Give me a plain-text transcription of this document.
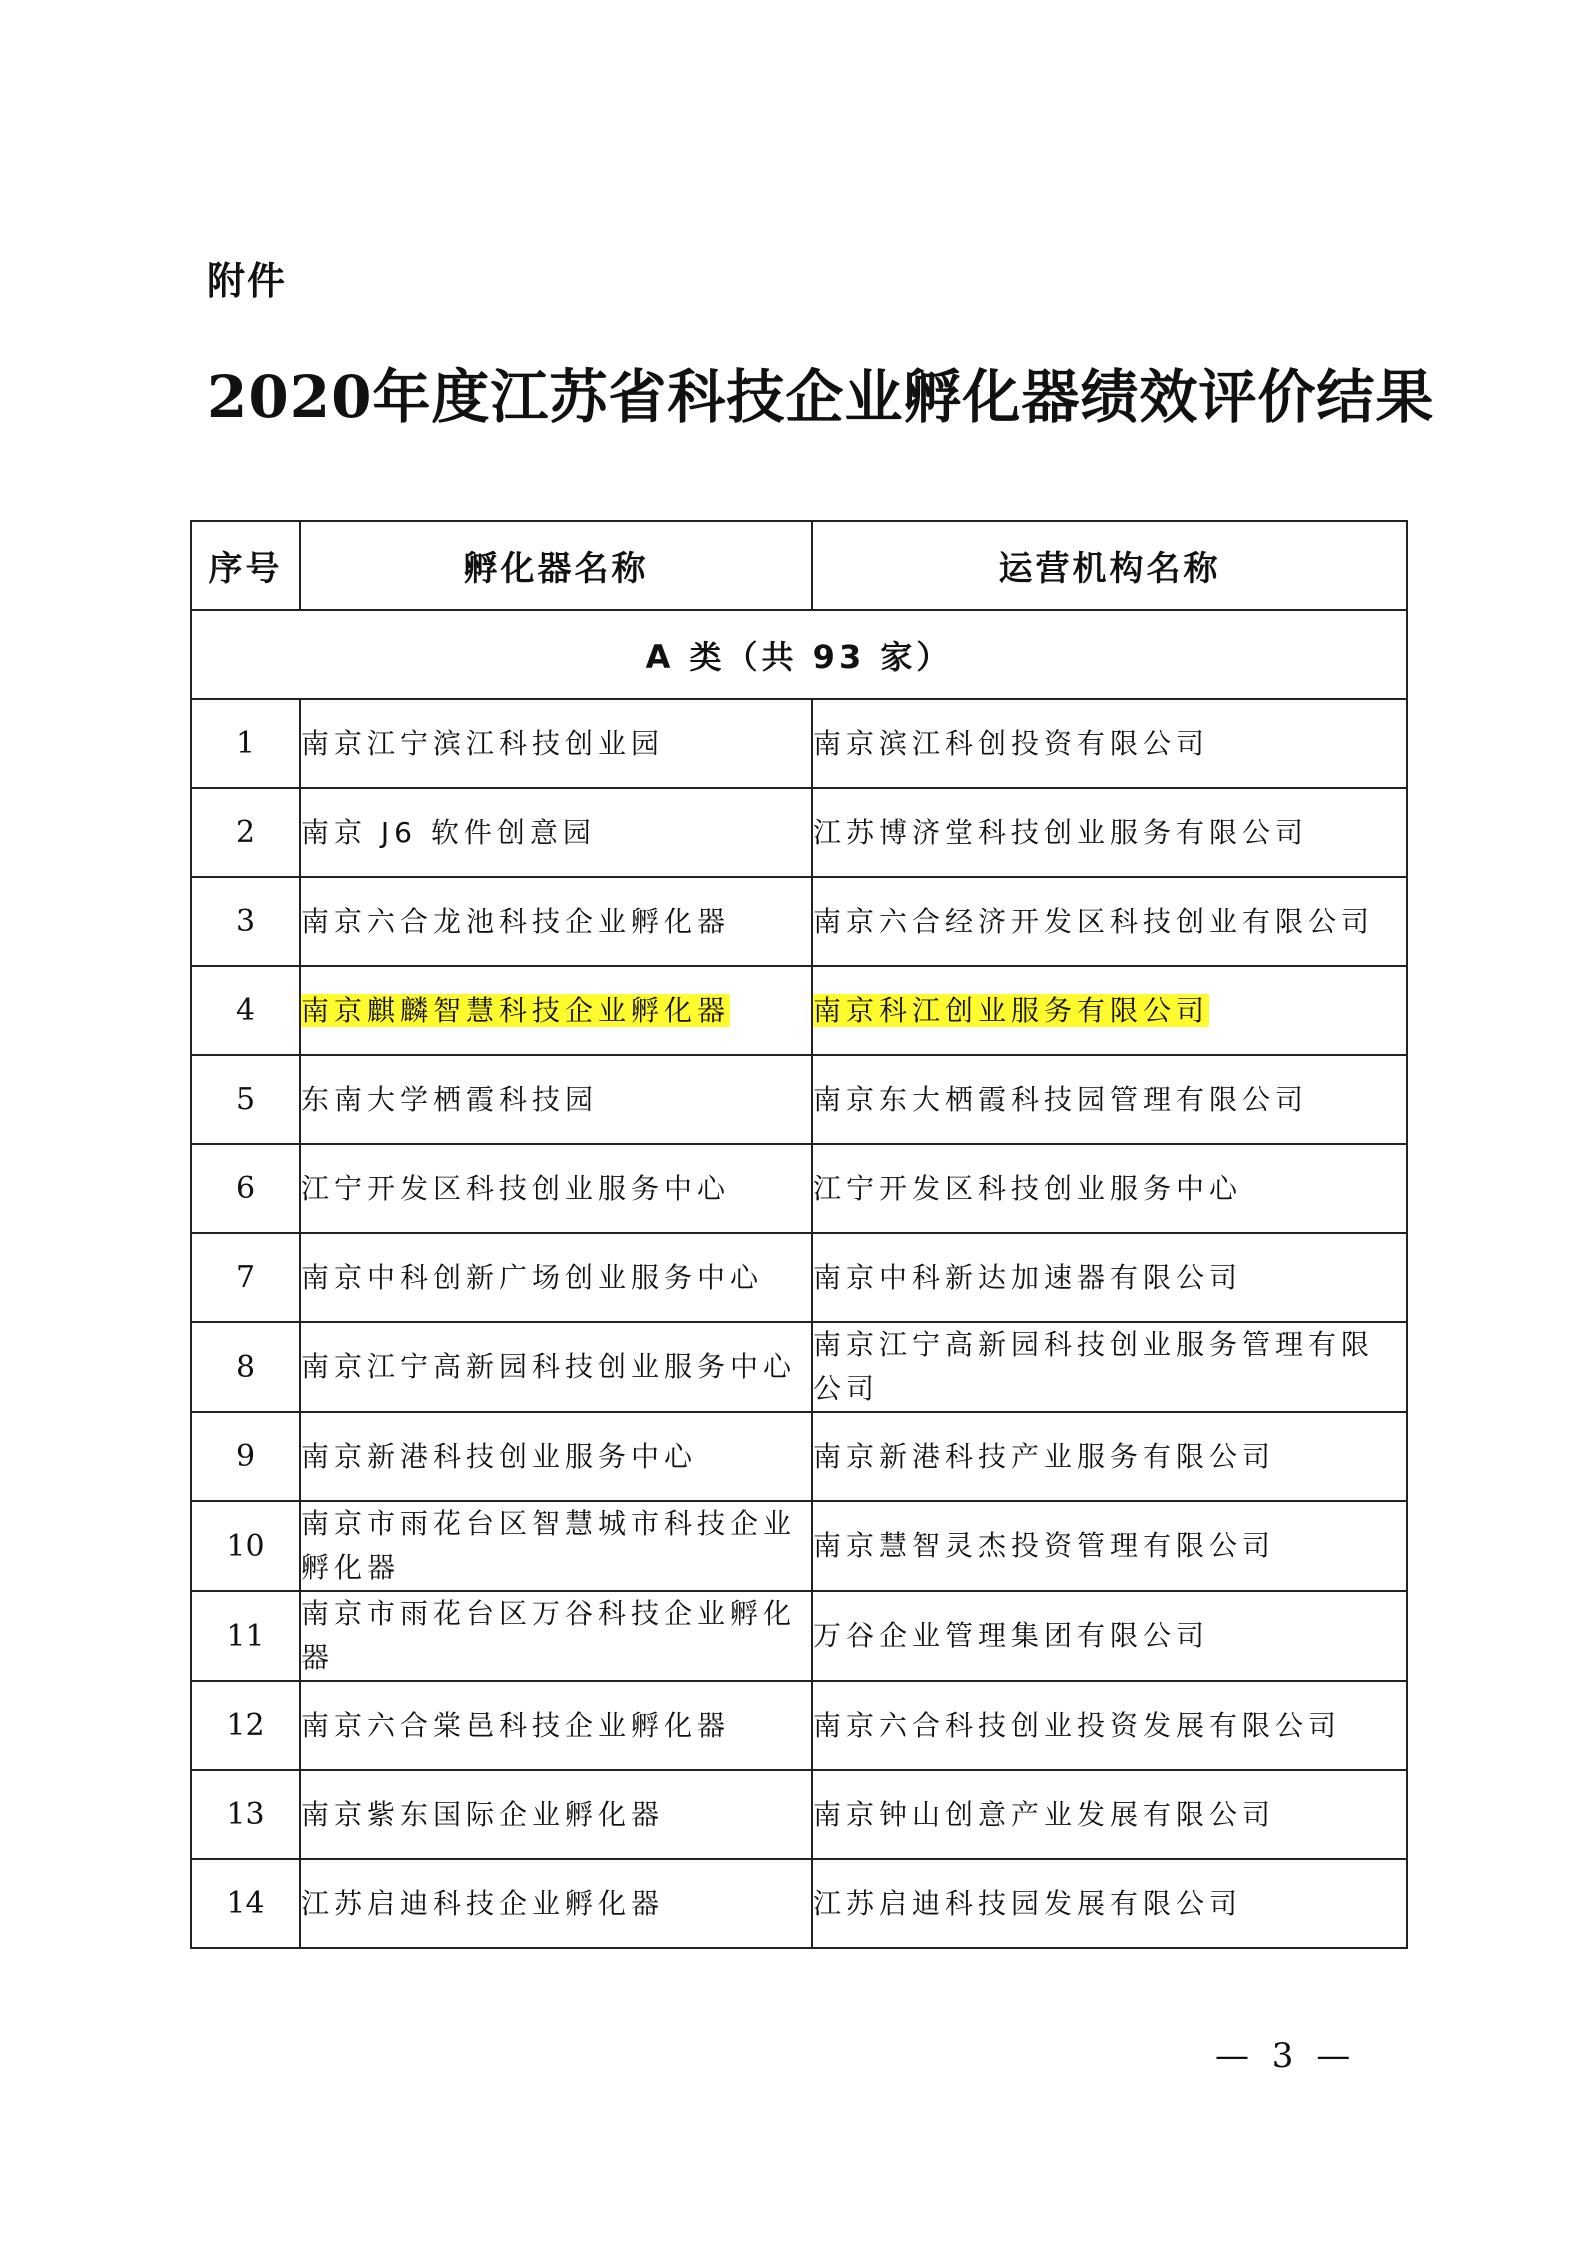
附件
2020年度江苏省科技企业孵化器绩效评价结果
序号	孵化器名称	运营机构名称
A 类（共 93 家）		
1	南京江宁滨江科技创业园	南京滨江科创投资有限公司
2	南京 J6 软件创意园	江苏博济堂科技创业服务有限公司
3	南京六合龙池科技企业孵化器	南京六合经济开发区科技创业有限公司
4	南京麒麟智慧科技企业孵化器	南京科江创业服务有限公司
5	东南大学栖霞科技园	南京东大栖霞科技园管理有限公司
6	江宁开发区科技创业服务中心	江宁开发区科技创业服务中心
7	南京中科创新广场创业服务中心	南京中科新达加速器有限公司
8	南京江宁高新园科技创业服务中心	南京江宁高新园科技创业服务管理有限公司
9	南京新港科技创业服务中心	南京新港科技产业服务有限公司
10	南京市雨花台区智慧城市科技企业孵化器	南京慧智灵杰投资管理有限公司
11	南京市雨花台区万谷科技企业孵化器	万谷企业管理集团有限公司
12	南京六合棠邑科技企业孵化器	南京六合科技创业投资发展有限公司
13	南京紫东国际企业孵化器	南京钟山创意产业发展有限公司
14	江苏启迪科技企业孵化器	江苏启迪科技园发展有限公司
— 3 —
